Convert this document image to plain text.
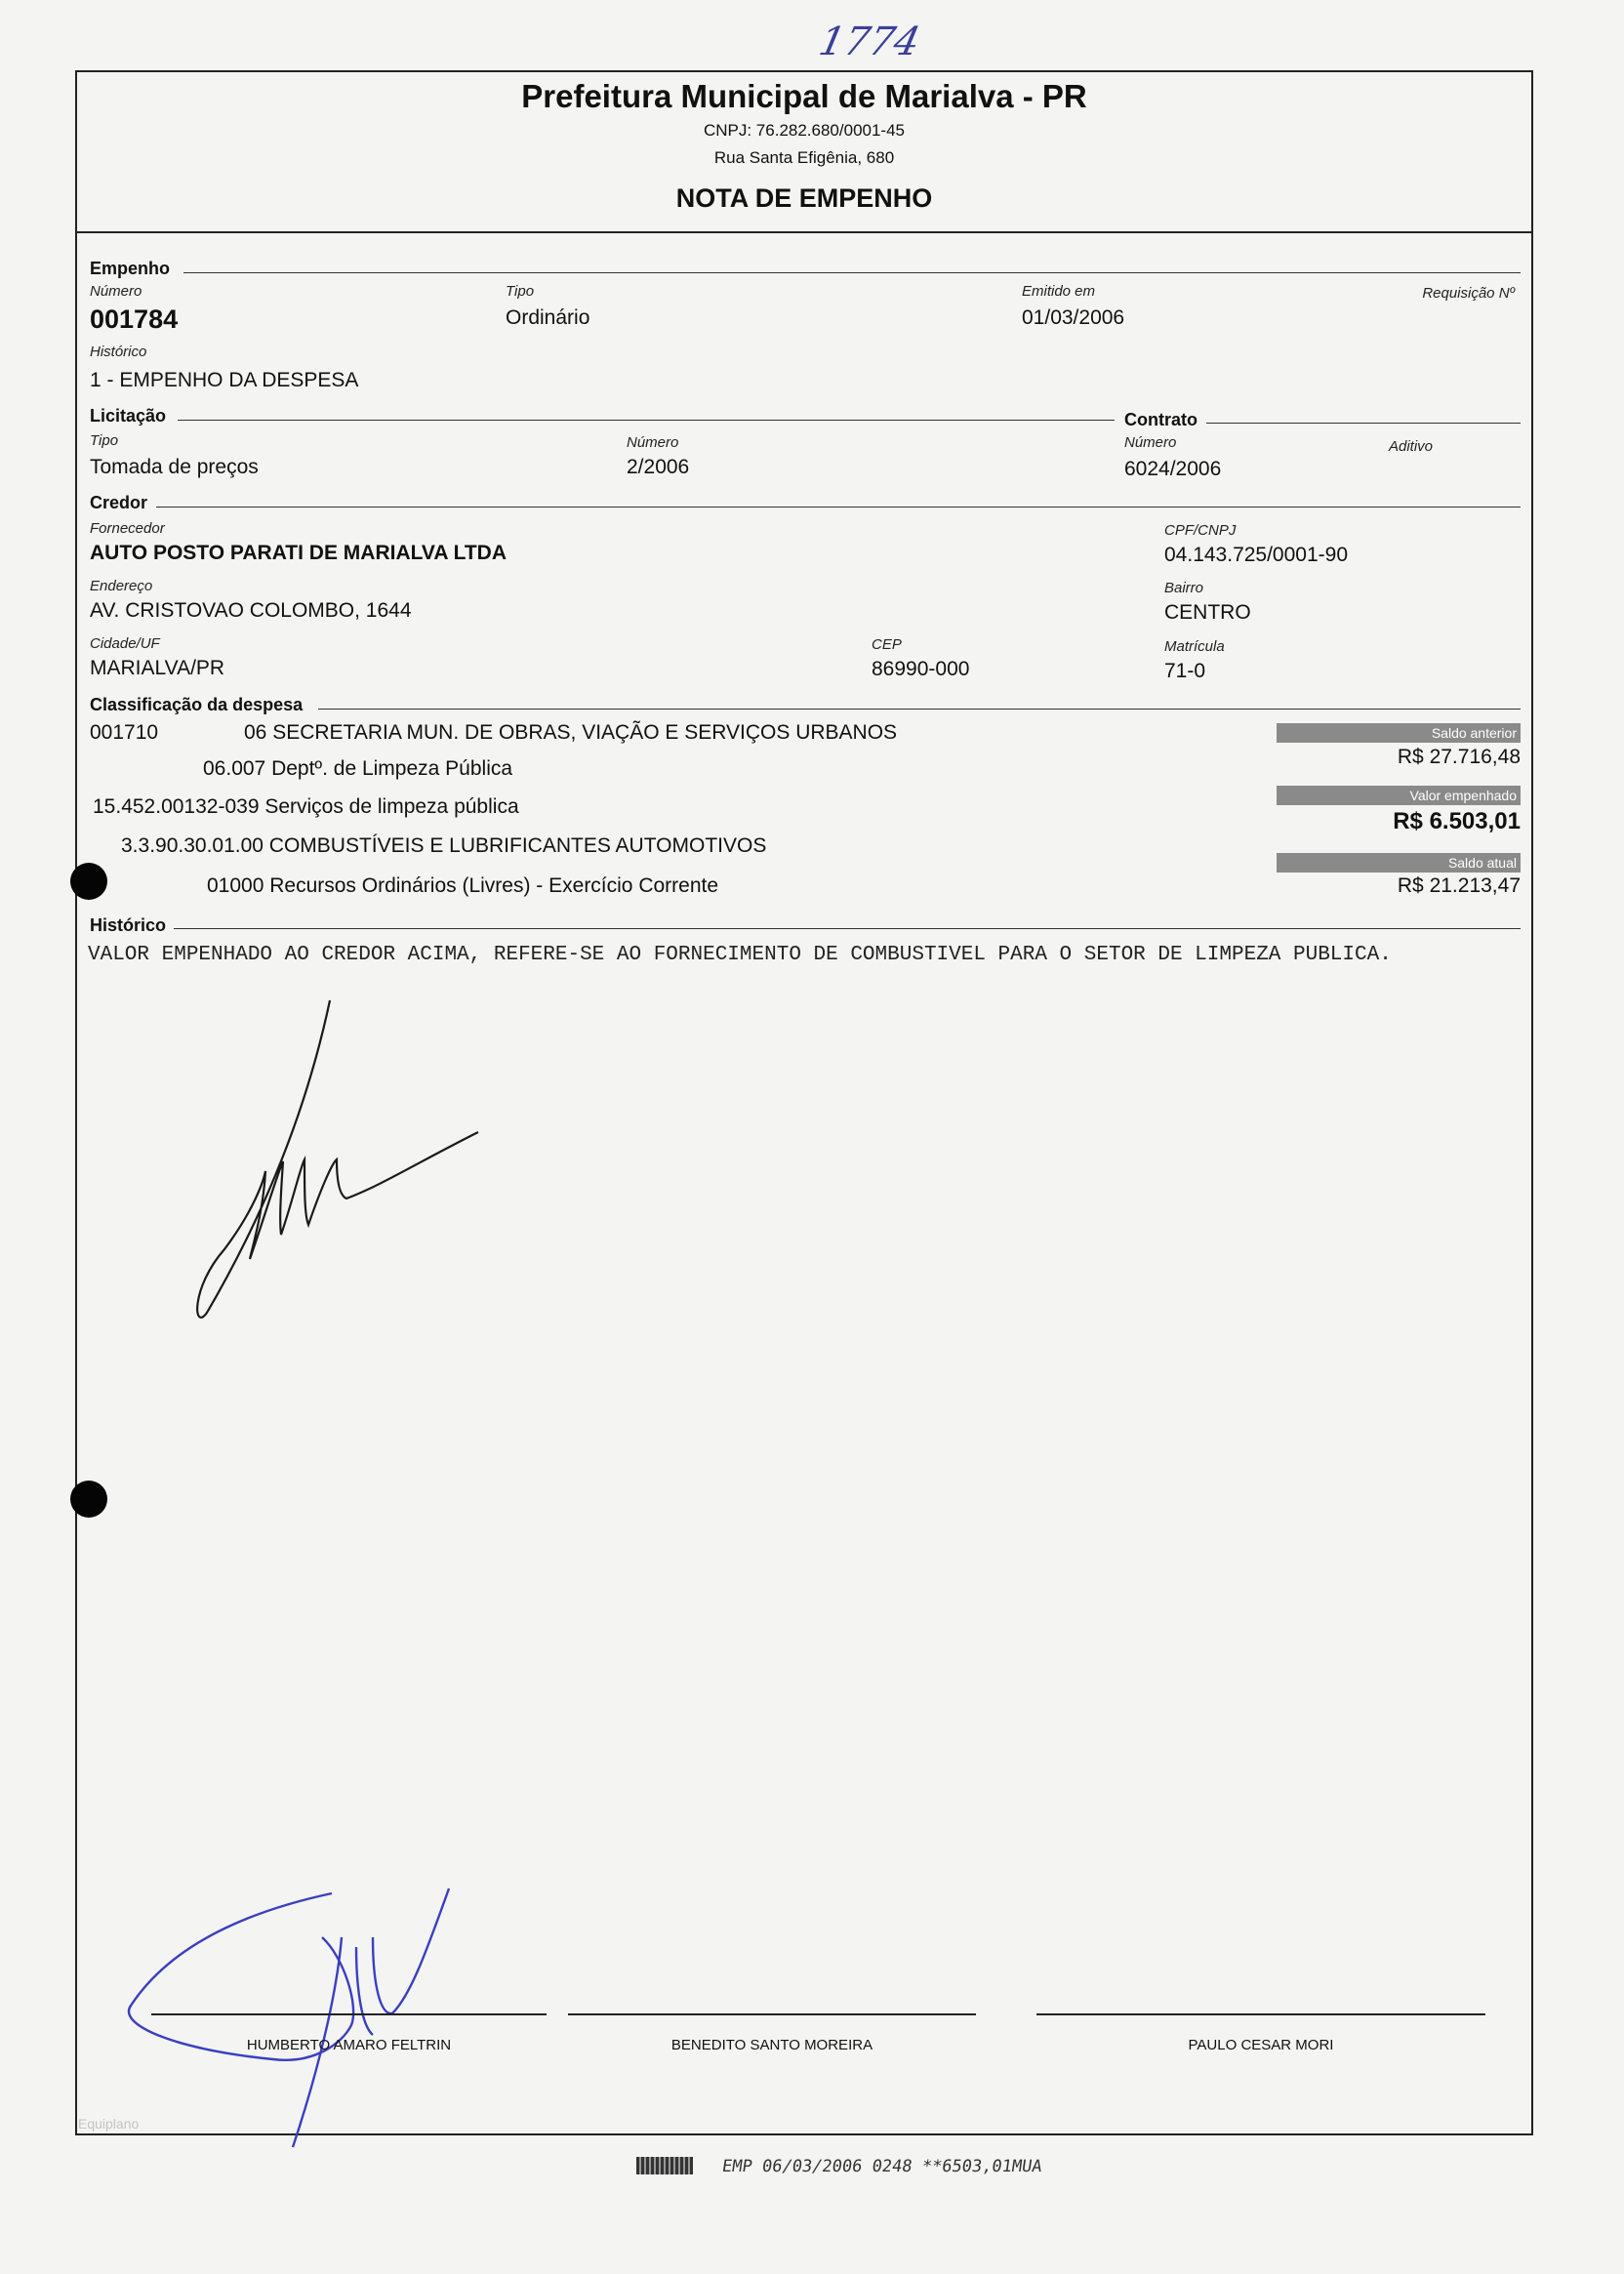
1774
Prefeitura Municipal de Marialva - PR
CNPJ: 76.282.680/0001-45
Rua Santa Efigênia, 680
NOTA DE EMPENHO
Empenho
Número
001784
Tipo
Ordinário
Emitido em
01/03/2006
Requisição Nº
Histórico
1 - EMPENHO DA DESPESA
Licitação	Contrato
Tipo
Tomada de preços
Número
2/2006
Número
6024/2006
Aditivo
Credor
Fornecedor
AUTO POSTO PARATI DE MARIALVA LTDA
CPF/CNPJ
04.143.725/0001-90
Endereço
AV. CRISTOVAO COLOMBO, 1644
Bairro
CENTRO
Cidade/UF
MARIALVA/PR
CEP
86990-000
Matrícula
71-0
Classificação da despesa
001710	06 SECRETARIA MUN. DE OBRAS, VIAÇÃO E SERVIÇOS URBANOS
06.007 Deptº. de Limpeza Pública
15.452.00132-039 Serviços de limpeza pública
3.3.90.30.01.00 COMBUSTÍVEIS E LUBRIFICANTES AUTOMOTIVOS
01000 Recursos Ordinários (Livres) - Exercício Corrente
Saldo anterior
R$ 27.716,48
Valor empenhado
R$ 6.503,01
Saldo atual
R$ 21.213,47
Histórico
VALOR EMPENHADO AO CREDOR ACIMA, REFERE-SE AO FORNECIMENTO DE COMBUSTIVEL PARA O SETOR DE LIMPEZA PUBLICA.
HUMBERTO AMARO FELTRIN	BENEDITO SANTO MOREIRA	PAULO CESAR MORI
Equiplano
EMP 06/03/2006 0248 **6503,01MUA
